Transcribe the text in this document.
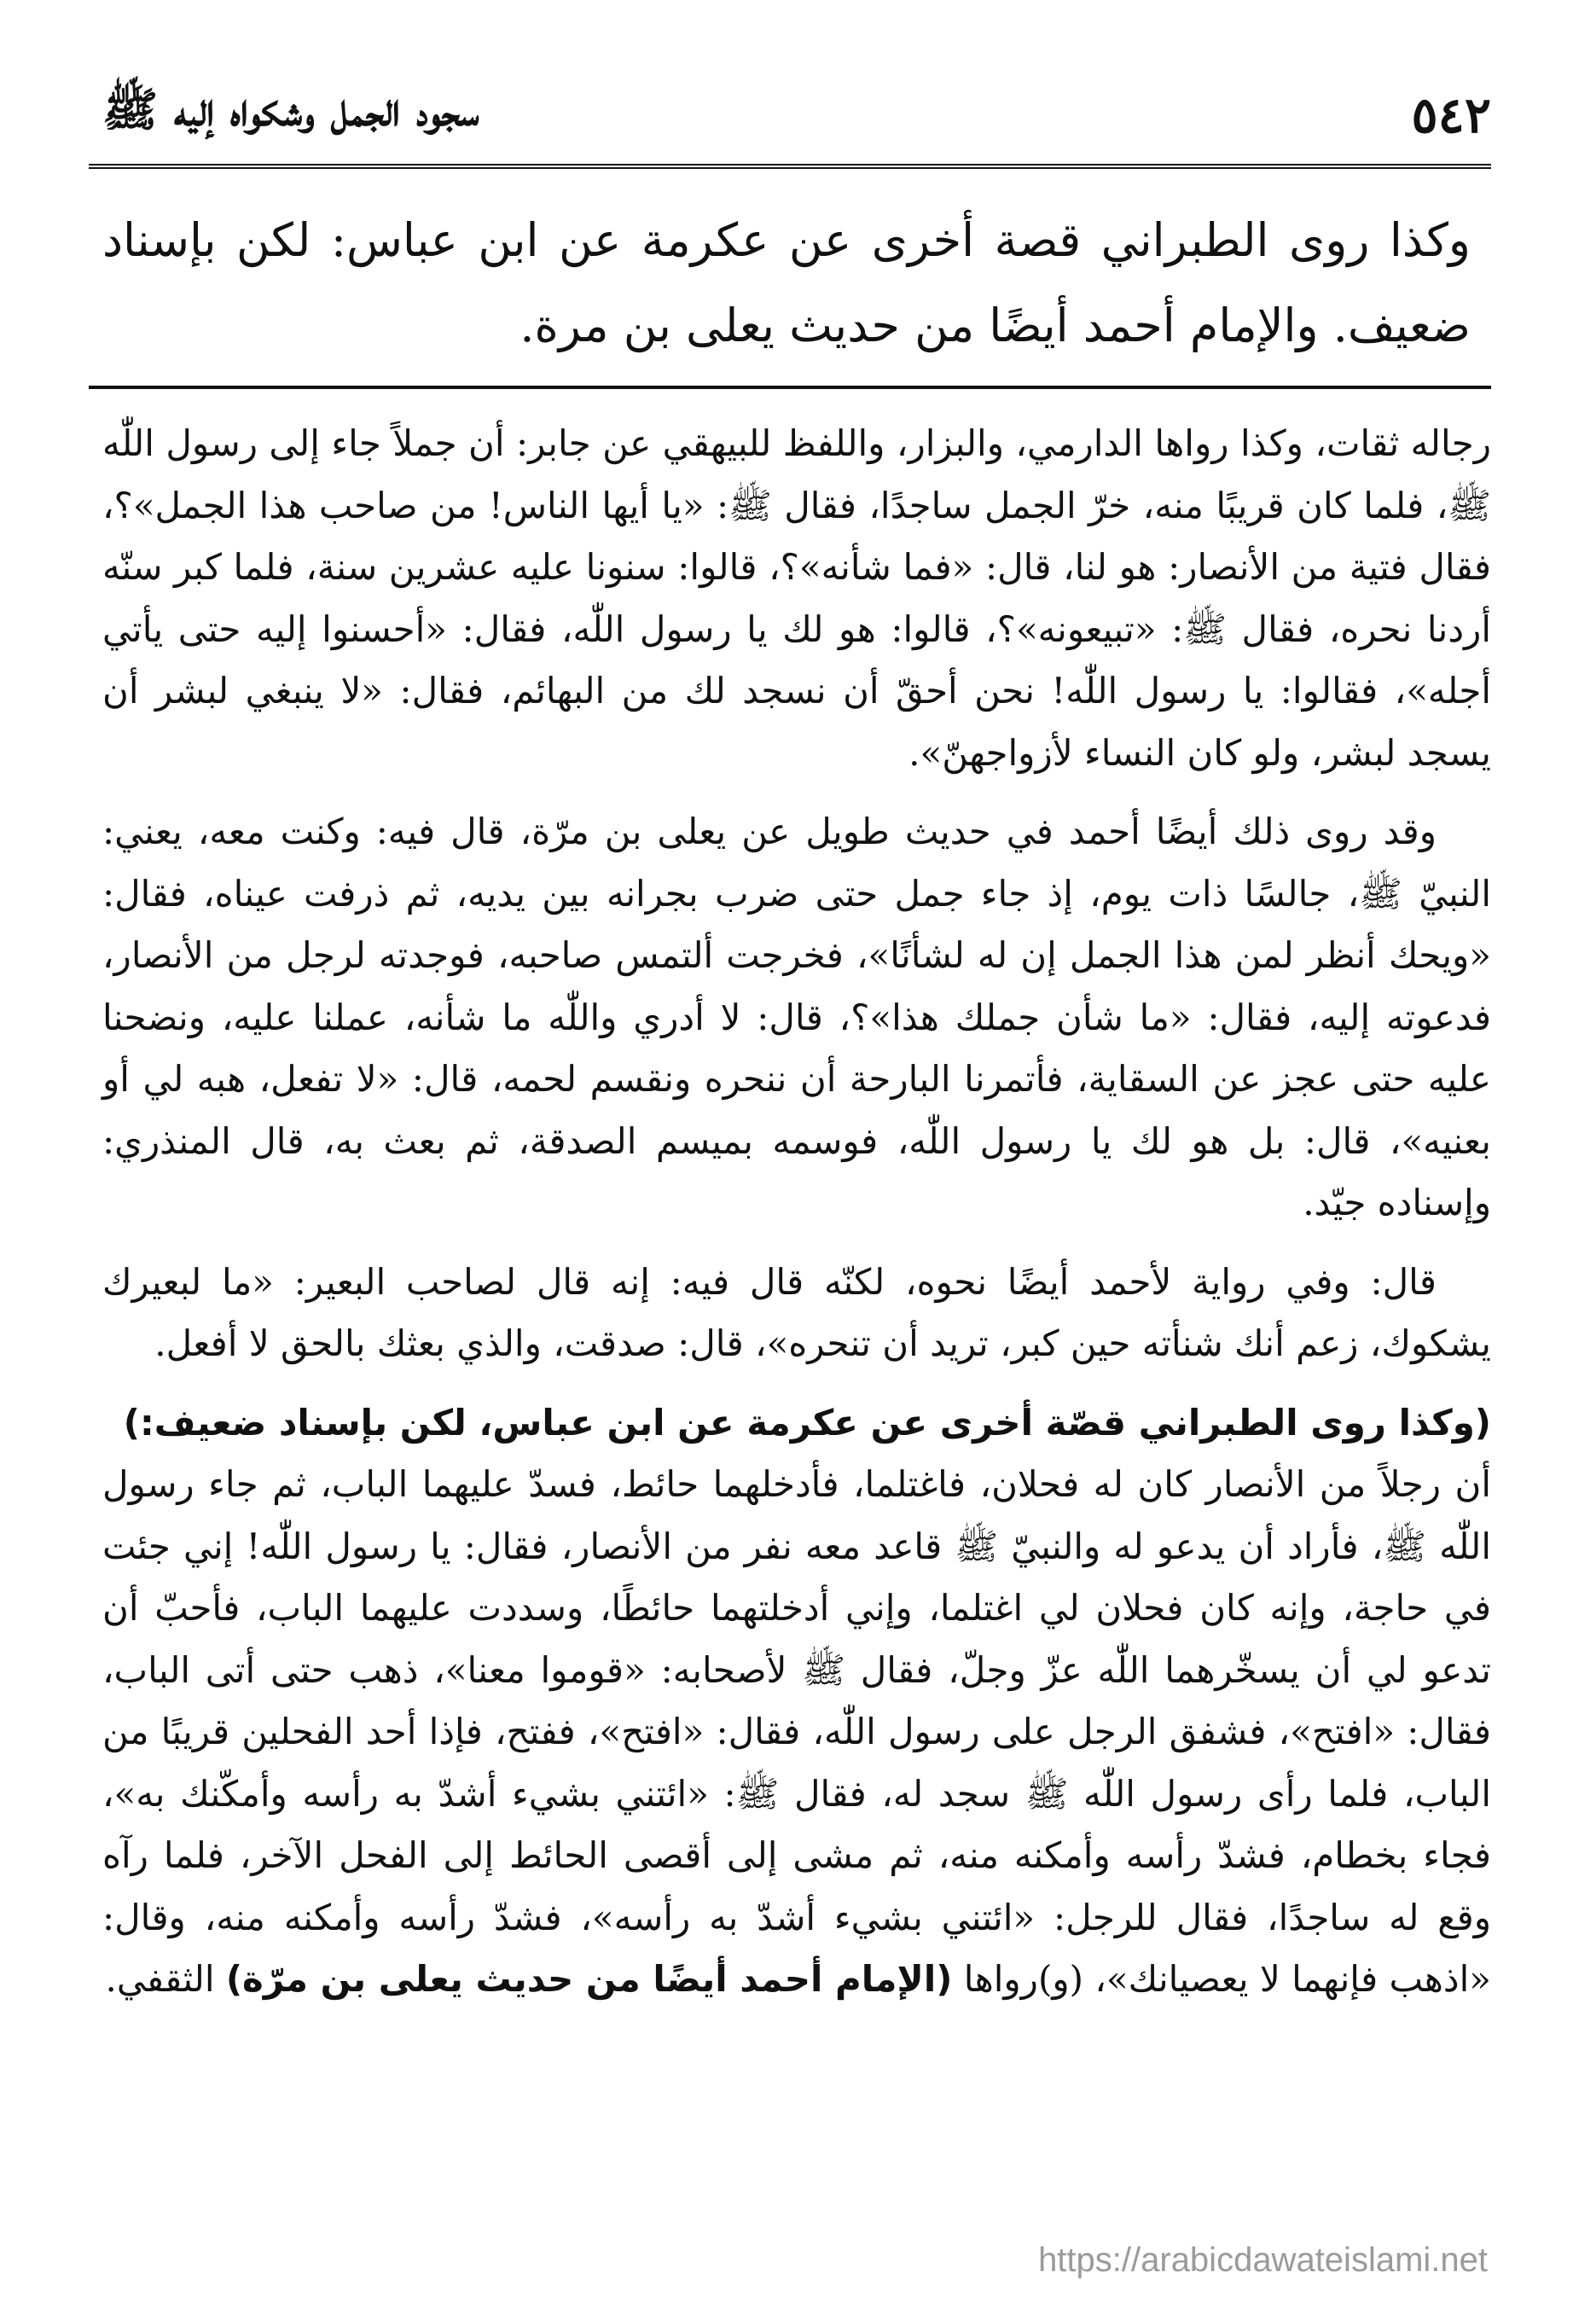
٥٤٢
سجود الجمل وشكواه إليه ﷺ

وكذا روى الطبراني قصة أخرى عن عكرمة عن ابن عباس: لكن بإسناد ضعيف. والإمام أحمد أيضًا من حديث يعلى بن مرة.

رجاله ثقات، وكذا رواها الدارمي، والبزار، واللفظ للبيهقي عن جابر: أن جملاً جاء إلى رسول اللّٰه ﷺ، فلما كان قريبًا منه، خرّ الجمل ساجدًا، فقال ﷺ: «يا أيها الناس! من صاحب هذا الجمل»؟، فقال فتية من الأنصار: هو لنا، قال: «فما شأنه»؟، قالوا: سنونا عليه عشرين سنة، فلما كبر سنّه أردنا نحره، فقال ﷺ: «تبيعونه»؟، قالوا: هو لك يا رسول اللّٰه، فقال: «أحسنوا إليه حتى يأتي أجله»، فقالوا: يا رسول اللّٰه! نحن أحقّ أن نسجد لك من البهائم، فقال: «لا ينبغي لبشر أن يسجد لبشر، ولو كان النساء لأزواجهنّ».

وقد روى ذلك أيضًا أحمد في حديث طويل عن يعلى بن مرّة، قال فيه: وكنت معه، يعني: النبيّ ﷺ، جالسًا ذات يوم، إذ جاء جمل حتى ضرب بجرانه بين يديه، ثم ذرفت عيناه، فقال: «ويحك أنظر لمن هذا الجمل إن له لشأنًا»، فخرجت ألتمس صاحبه، فوجدته لرجل من الأنصار، فدعوته إليه، فقال: «ما شأن جملك هذا»؟، قال: لا أدري واللّٰه ما شأنه، عملنا عليه، ونضحنا عليه حتى عجز عن السقاية، فأتمرنا البارحة أن ننحره ونقسم لحمه، قال: «لا تفعل، هبه لي أو بعنيه»، قال: بل هو لك يا رسول اللّٰه، فوسمه بميسم الصدقة، ثم بعث به، قال المنذري: وإسناده جيّد.

قال: وفي رواية لأحمد أيضًا نحوه، لكنّه قال فيه: إنه قال لصاحب البعير: «ما لبعيرك يشكوك، زعم أنك شنأته حين كبر، تريد أن تنحره»، قال: صدقت، والذي بعثك بالحق لا أفعل.

(وكذا روى الطبراني قصّة أخرى عن عكرمة عن ابن عباس، لكن بإسناد ضعيف:)
أن رجلاً من الأنصار كان له فحلان، فاغتلما، فأدخلهما حائط، فسدّ عليهما الباب، ثم جاء رسول اللّٰه ﷺ، فأراد أن يدعو له والنبيّ ﷺ قاعد معه نفر من الأنصار، فقال: يا رسول اللّٰه! إني جئت في حاجة، وإنه كان فحلان لي اغتلما، وإني أدخلتهما حائطًا، وسددت عليهما الباب، فأحبّ أن تدعو لي أن يسخّرهما اللّٰه عزّ وجلّ، فقال ﷺ لأصحابه: «قوموا معنا»، ذهب حتى أتى الباب، فقال: «افتح»، فشفق الرجل على رسول اللّٰه، فقال: «افتح»، ففتح، فإذا أحد الفحلين قريبًا من الباب، فلما رأى رسول اللّٰه ﷺ سجد له، فقال ﷺ: «ائتني بشيء أشدّ به رأسه وأمكّنك به»، فجاء بخطام، فشدّ رأسه وأمكنه منه، ثم مشى إلى أقصى الحائط إلى الفحل الآخر، فلما رآه وقع له ساجدًا، فقال للرجل: «ائتني بشيء أشدّ به رأسه»، فشدّ رأسه وأمكنه منه، وقال: «اذهب فإنهما لا يعصيانك»، (و)رواها (الإمام أحمد أيضًا من حديث يعلى بن مرّة) الثقفي.

https://arabicdawateislami.net
